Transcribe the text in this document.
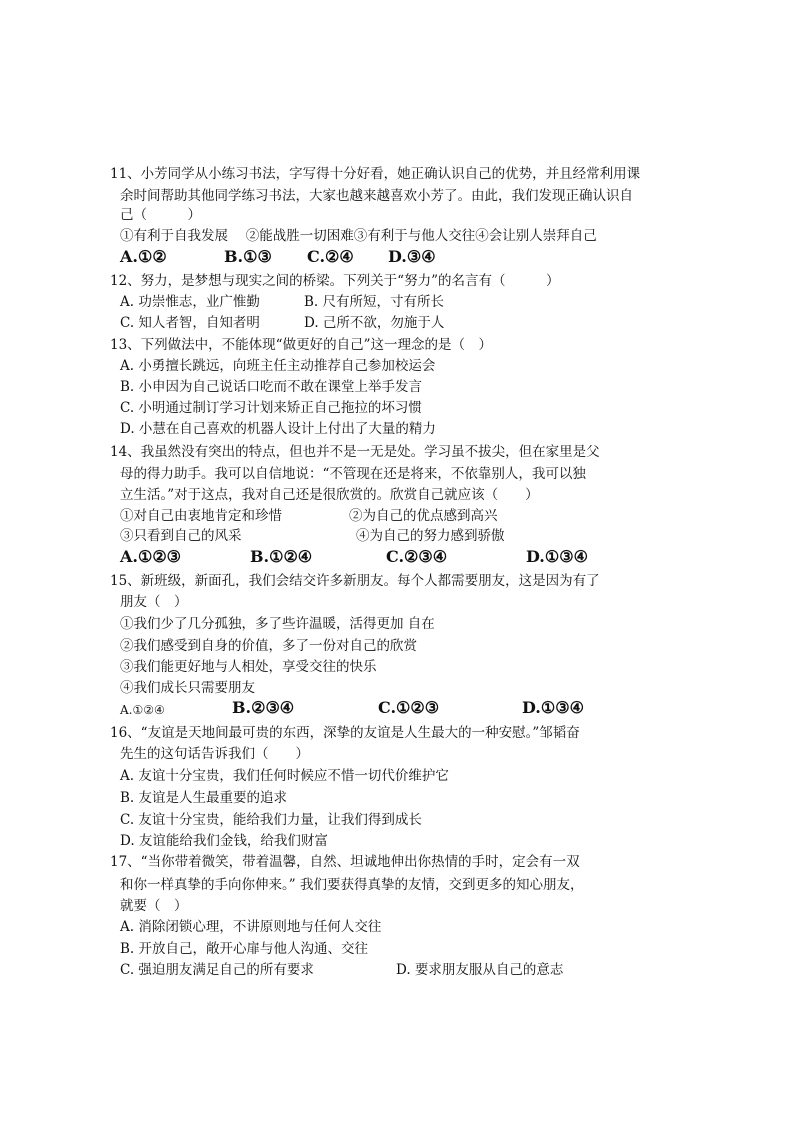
11、小芳同学从小练习书法，字写得十分好看，她正确认识自己的优势，并且经常利用课
余时间帮助其他同学练习书法，大家也越来越喜欢小芳了。由此，我们发现正确认识自
己（　　　）
①有利于自我发展　 ②能战胜一切困难③有利于与他人交往④会让别人崇拜自己
A.①②	B.①③ C.②④ D.③④
12、努力，是梦想与现实之间的桥梁。下列关于“努力”的名言有（　　　）
A. 功崇惟志，业广惟勤	B. 尺有所短，寸有所长
C. 知人者智，自知者明	D. 己所不欲，勿施于人
13、下列做法中，不能体现“做更好的自己”这一理念的是（　）
A. 小勇擅长跳远，向班主任主动推荐自己参加校运会
B. 小申因为自己说话口吃而不敢在课堂上举手发言
C. 小明通过制订学习计划来矫正自己拖拉的坏习惯
D. 小慧在自己喜欢的机器人设计上付出了大量的精力
14、我虽然没有突出的特点，但也并不是一无是处。学习虽不拔尖，但在家里是父
母的得力助手。我可以自信地说：“不管现在还是将来，不依靠别人，我可以独
立生活。”对于这点，我对自己还是很欣赏的。欣赏自己就应该（　　）
①对自己由衷地肯定和珍惜	②为自己的优点感到高兴
③只看到自己的风采	④为自己的努力感到骄傲
A.①②③	B.①②④	C.②③④	D.①③④
15、新班级，新面孔，我们会结交许多新朋友。每个人都需要朋友，这是因为有了
朋友（　）
①我们少了几分孤独，多了些许温暖，活得更加 自在
②我们感受到自身的价值，多了一份对自己的欣赏
③我们能更好地与人相处，享受交往的快乐
④我们成长只需要朋友
A.①②④	B.②③④	C.①②③	D.①③④
16、“友谊是天地间最可贵的东西，深挚的友谊是人生最大的一种安慰。”邹韬奋
先生的这句话告诉我们（　　）
A. 友谊十分宝贵，我们任何时候应不惜一切代价维护它
B. 友谊是人生最重要的追求
C. 友谊十分宝贵，能给我们力量，让我们得到成长
D. 友谊能给我们金钱，给我们财富
17、“当你带着微笑，带着温馨，自然、坦诚地伸出你热情的手时，定会有一双
和你一样真挚的手向你伸来。” 我们要获得真挚的友情，交到更多的知心朋友，
就要（　）
A. 消除闭锁心理，不讲原则地与任何人交往
B. 开放自己，敞开心扉与他人沟通、交往
C. 强迫朋友满足自己的所有要求	D. 要求朋友服从自己的意志
